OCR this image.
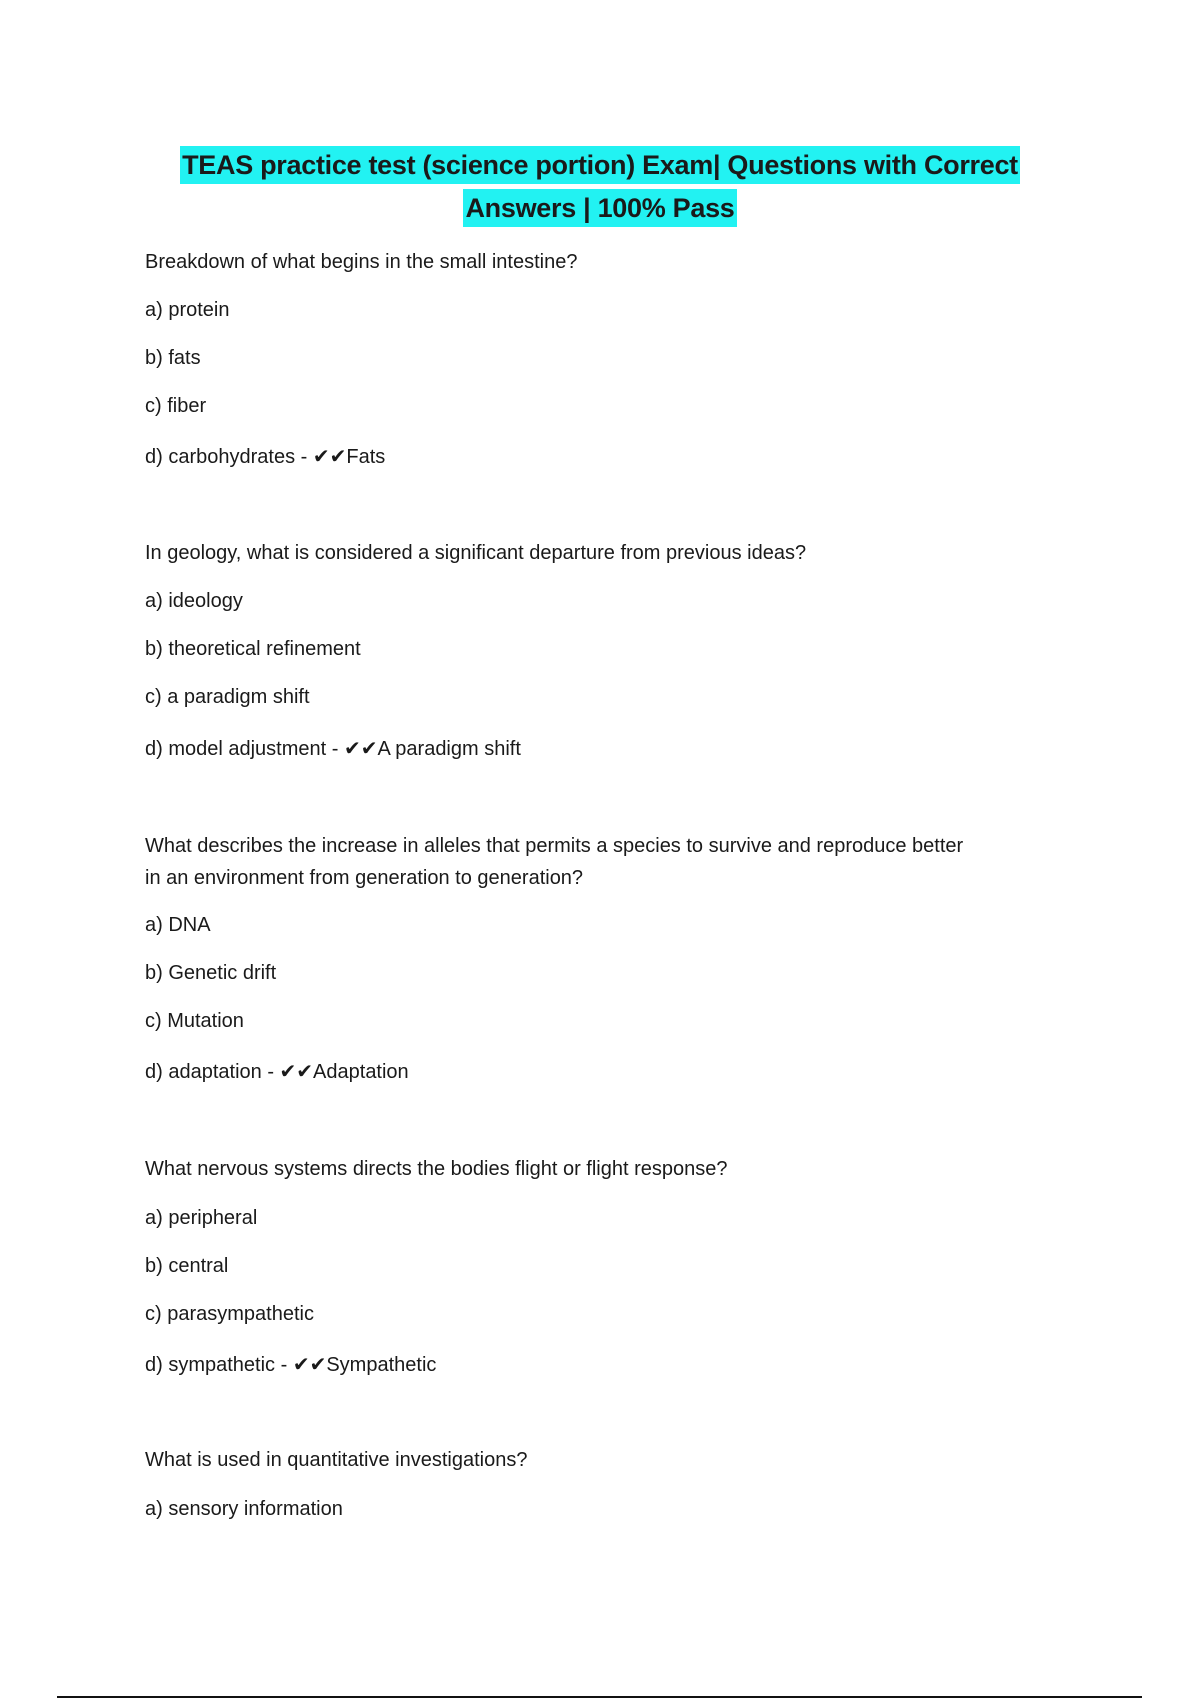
TEAS practice test (science portion) Exam| Questions with Correct
Answers | 100% Pass
Breakdown of what begins in the small intestine?
a) protein
b) fats
c) fiber
d) carbohydrates - ✔✔Fats
In geology, what is considered a significant departure from previous ideas?
a) ideology
b) theoretical refinement
c) a paradigm shift
d) model adjustment - ✔✔A paradigm shift
What describes the increase in alleles that permits a species to survive and reproduce better
in an environment from generation to generation?
a) DNA
b) Genetic drift
c) Mutation
d) adaptation - ✔✔Adaptation
What nervous systems directs the bodies flight or flight response?
a) peripheral
b) central
c) parasympathetic
d) sympathetic - ✔✔Sympathetic
What is used in quantitative investigations?
a) sensory information
